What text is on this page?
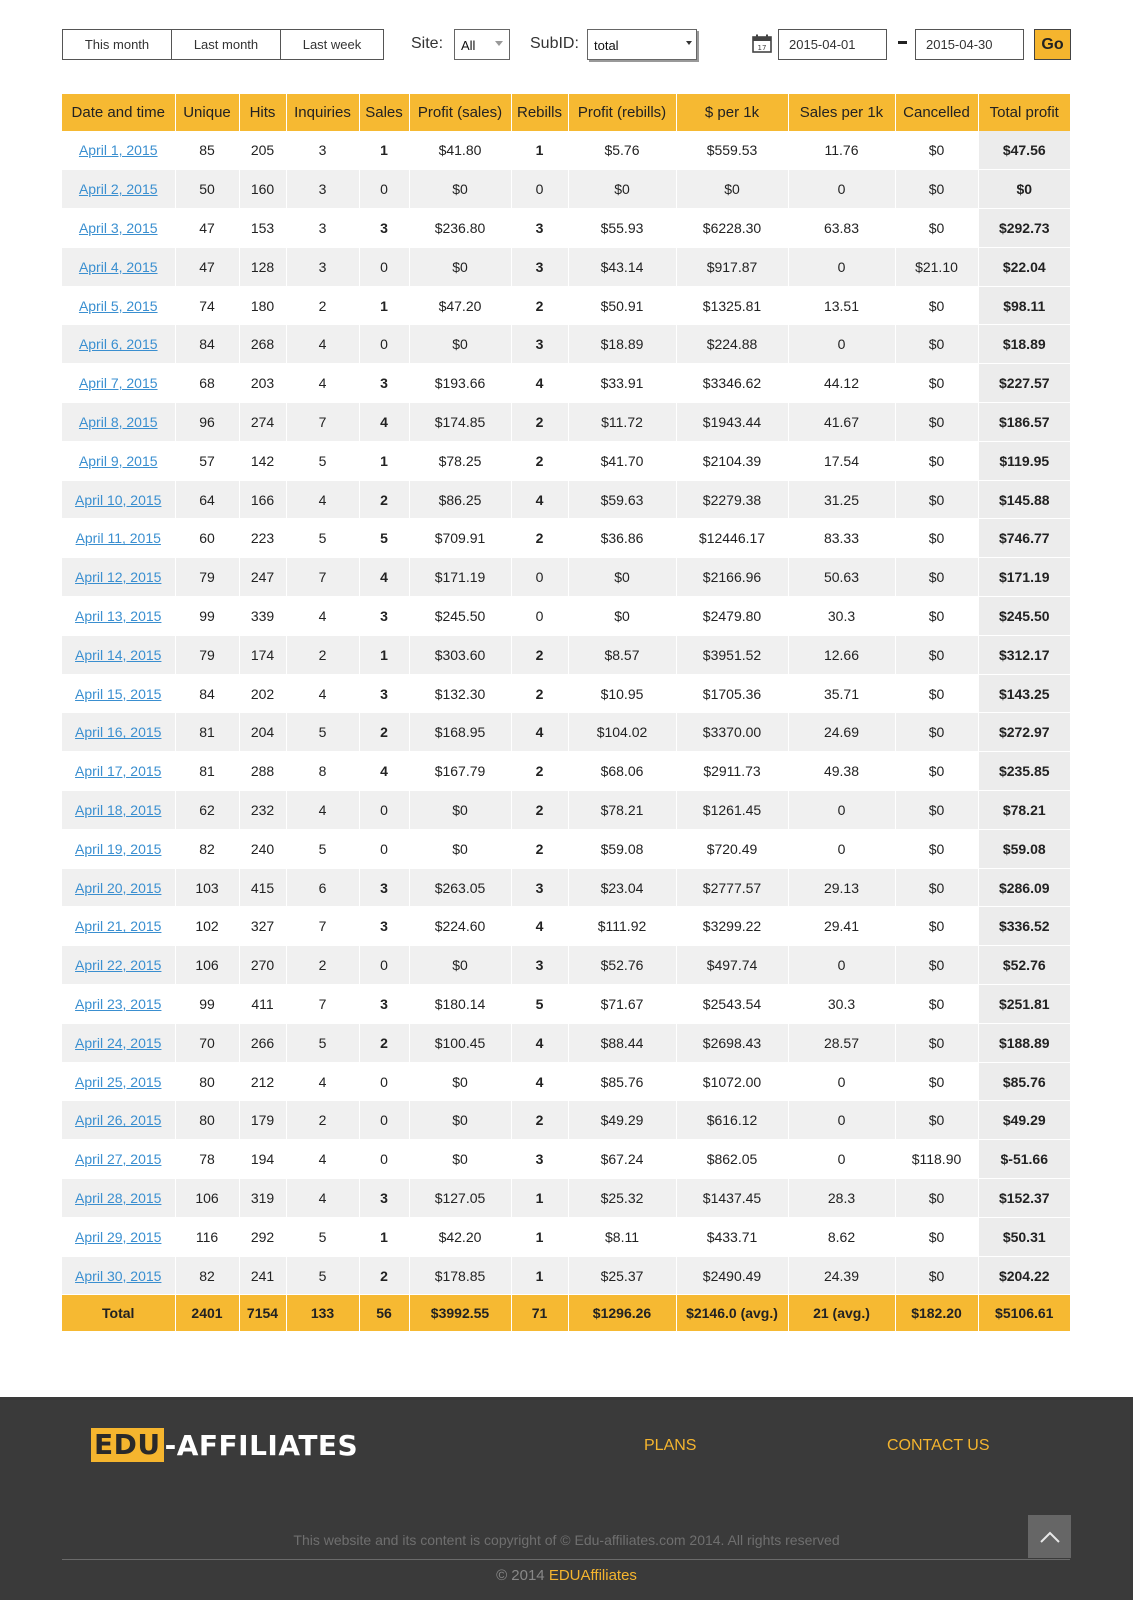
This month	Last month	Last week	Site:	All	SubID:	total	17
2015-04-01
2015-04-30	Go
Date and time	Unique	Hits	Inquiries	Sales	Profit (sales)	Rebills	Profit (rebills)	$ per 1k	Sales per 1k	Cancelled	Total profit
April 1, 2015	85	205	3	1	$41.80	1	$5.76	$559.53	11.76	$0	$47.56
April 2, 2015	50	160	3	0	$0	0	$0	$0	0	$0	$0
April 3, 2015	47	153	3	3	$236.80	3	$55.93	$6228.30	63.83	$0	$292.73
April 4, 2015	47	128	3	0	$0	3	$43.14	$917.87	0	$21.10	$22.04
April 5, 2015	74	180	2	1	$47.20	2	$50.91	$1325.81	13.51	$0	$98.11
April 6, 2015	84	268	4	0	$0	3	$18.89	$224.88	0	$0	$18.89
April 7, 2015	68	203	4	3	$193.66	4	$33.91	$3346.62	44.12	$0	$227.57
April 8, 2015	96	274	7	4	$174.85	2	$11.72	$1943.44	41.67	$0	$186.57
April 9, 2015	57	142	5	1	$78.25	2	$41.70	$2104.39	17.54	$0	$119.95
April 10, 2015	64	166	4	2	$86.25	4	$59.63	$2279.38	31.25	$0	$145.88
April 11, 2015	60	223	5	5	$709.91	2	$36.86	$12446.17	83.33	$0	$746.77
April 12, 2015	79	247	7	4	$171.19	0	$0	$2166.96	50.63	$0	$171.19
April 13, 2015	99	339	4	3	$245.50	0	$0	$2479.80	30.3	$0	$245.50
April 14, 2015	79	174	2	1	$303.60	2	$8.57	$3951.52	12.66	$0	$312.17
April 15, 2015	84	202	4	3	$132.30	2	$10.95	$1705.36	35.71	$0	$143.25
April 16, 2015	81	204	5	2	$168.95	4	$104.02	$3370.00	24.69	$0	$272.97
April 17, 2015	81	288	8	4	$167.79	2	$68.06	$2911.73	49.38	$0	$235.85
April 18, 2015	62	232	4	0	$0	2	$78.21	$1261.45	0	$0	$78.21
April 19, 2015	82	240	5	0	$0	2	$59.08	$720.49	0	$0	$59.08
April 20, 2015	103	415	6	3	$263.05	3	$23.04	$2777.57	29.13	$0	$286.09
April 21, 2015	102	327	7	3	$224.60	4	$111.92	$3299.22	29.41	$0	$336.52
April 22, 2015	106	270	2	0	$0	3	$52.76	$497.74	0	$0	$52.76
April 23, 2015	99	411	7	3	$180.14	5	$71.67	$2543.54	30.3	$0	$251.81
April 24, 2015	70	266	5	2	$100.45	4	$88.44	$2698.43	28.57	$0	$188.89
April 25, 2015	80	212	4	0	$0	4	$85.76	$1072.00	0	$0	$85.76
April 26, 2015	80	179	2	0	$0	2	$49.29	$616.12	0	$0	$49.29
April 27, 2015	78	194	4	0	$0	3	$67.24	$862.05	0	$118.90	$-51.66
April 28, 2015	106	319	4	3	$127.05	1	$25.32	$1437.45	28.3	$0	$152.37
April 29, 2015	116	292	5	1	$42.20	1	$8.11	$433.71	8.62	$0	$50.31
April 30, 2015	82	241	5	2	$178.85	1	$25.37	$2490.49	24.39	$0	$204.22
Total	2401	7154	133	56	$3992.55	71	$1296.26	$2146.0 (avg.)	21 (avg.)	$182.20	$5106.61
EDU -AFFILIATES	PLANS	CONTACT US
This website and its content is copyright of © Edu-affiliates.com 2014. All rights reserved
© 2014 EDUAffiliates
